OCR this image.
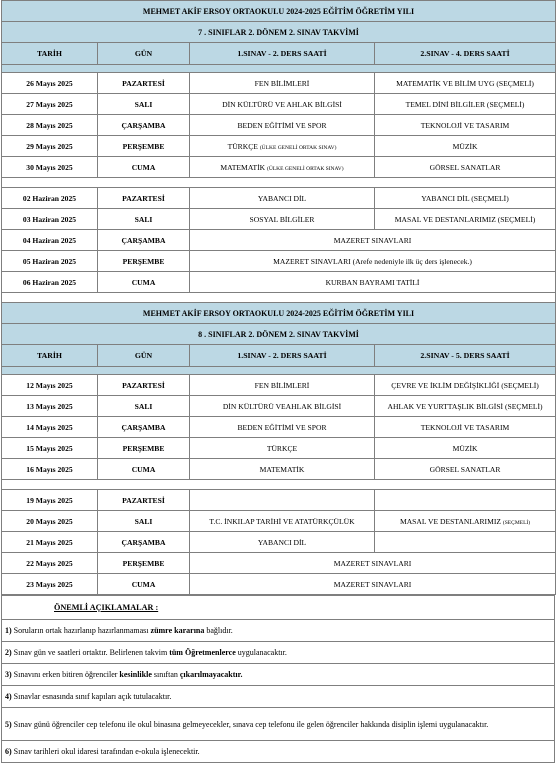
MEHMET AKİF ERSOY ORTAOKULU 2024-2025 EĞİTİM ÖĞRETİM YILI			
7 . SINIFLAR 2. DÖNEM 2. SINAV TAKVİMİ			
TARİH	GÜN	1.SINAV - 2. DERS SAATİ	2.SINAV - 4. DERS SAATİ

26 Mayıs 2025	PAZARTESİ	FEN BİLİMLERİ	MATEMATİK VE BİLİM UYG (SEÇMELİ)
27 Mayıs 2025	SALI	DİN KÜLTÜRÜ VE AHLAK BİLGİSİ	TEMEL DİNİ BİLGİLER (SEÇMELİ)
28 Mayıs 2025	ÇARŞAMBA	BEDEN EĞİTİMİ VE SPOR	TEKNOLOJİ VE TASARIM
29 Mayıs 2025	PERŞEMBE	TÜRKÇE (ÜLKE GENELİ ORTAK SINAV)	MÜZİK
30 Mayıs 2025	CUMA	MATEMATİK (ÜLKE GENELİ ORTAK SINAV)	GÖRSEL SANATLAR

02 Haziran 2025	PAZARTESİ	YABANCI DİL	YABANCI DİL (SEÇMELİ)
03 Haziran 2025	SALI	SOSYAL BİLGİLER	MASAL VE DESTANLARIMIZ (SEÇMELİ)
04 Haziran 2025	ÇARŞAMBA	MAZERET SINAVLARI	
05 Haziran 2025	PERŞEMBE	MAZERET SINAVLARI (Arefe nedeniyle ilk üç ders işlenecek.)	
06 Haziran 2025	CUMA	KURBAN BAYRAMI TATİLİ	

MEHMET AKİF ERSOY ORTAOKULU 2024-2025 EĞİTİM ÖĞRETİM YILI			
8 . SINIFLAR 2. DÖNEM 2. SINAV TAKVİMİ			
TARİH	GÜN	1.SINAV - 2. DERS SAATİ	2.SINAV - 5. DERS SAATİ

12 Mayıs 2025	PAZARTESİ	FEN BİLİMLERİ	ÇEVRE VE İKLİM DEĞİŞİKLİĞİ (SEÇMELİ)
13 Mayıs 2025	SALI	DİN KÜLTÜRÜ VEAHLAK BİLGİSİ	AHLAK VE YURTTAŞLIK BİLGİSİ (SEÇMELİ)
14 Mayıs 2025	ÇARŞAMBA	BEDEN EĞİTİMİ VE SPOR	TEKNOLOJİ VE TASARIM
15 Mayıs 2025	PERŞEMBE	TÜRKÇE	MÜZİK
16 Mayıs 2025	CUMA	MATEMATİK	GÖRSEL SANATLAR

19 Mayıs 2025	PAZARTESİ		
20 Mayıs 2025	SALI	T.C. İNKILAP TARİHİ VE ATATÜRKÇÜLÜK	MASAL VE DESTANLARIMIZ (SEÇMELİ)
21 Mayıs 2025	ÇARŞAMBA	YABANCI DİL	
22 Mayıs 2025	PERŞEMBE	MAZERET SINAVLARI	
23 Mayıs 2025	CUMA	MAZERET SINAVLARI	
ÖNEMLİ AÇIKLAMALAR :
1) Soruların ortak hazırlanıp hazırlanmaması zümre kararına bağlıdır.
2) Sınav gün ve saatleri ortaktır. Belirlenen takvim tüm Öğretmenlerce uygulanacaktır.
3) Sınavını erken bitiren öğrenciler kesinlikle sınıftan çıkarılmayacaktır.
4) Sınavlar esnasında sınıf kapıları açık tutulacaktır.
5) Sınav günü öğrenciler cep telefonu ile okul binasına gelmeyecekler, sınava cep telefonu ile gelen öğrenciler hakkında disiplin işlemi uygulanacaktır.
6) Sınav tarihleri okul idaresi tarafından e-okula işlenecektir.
